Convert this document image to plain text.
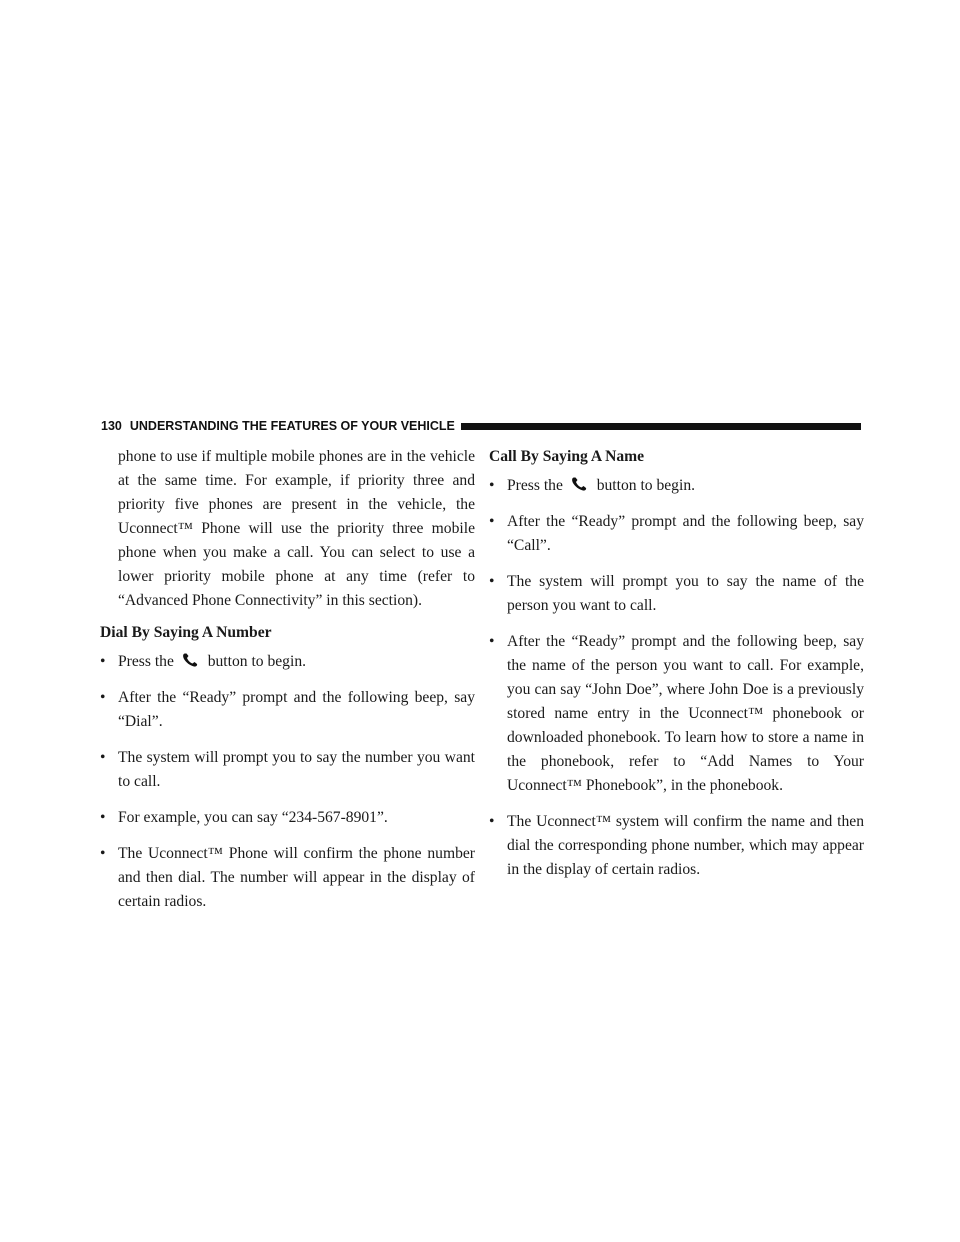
130 UNDERSTANDING THE FEATURES OF YOUR VEHICLE

phone to use if multiple mobile phones are in the vehicle at the same time. For example, if priority three and priority five phones are present in the vehicle, the Uconnect™ Phone will use the priority three mobile phone when you make a call. You can select to use a lower priority mobile phone at any time (refer to “Advanced Phone Connectivity” in this section).

Dial By Saying A Number
• Press the button to begin.
• After the “Ready” prompt and the following beep, say “Dial”.
• The system will prompt you to say the number you want to call.
• For example, you can say “234-567-8901”.
• The Uconnect™ Phone will confirm the phone number and then dial. The number will appear in the display of certain radios.
Call By Saying A Name
• Press the button to begin.
• After the “Ready” prompt and the following beep, say “Call”.
• The system will prompt you to say the name of the person you want to call.
• After the “Ready” prompt and the following beep, say the name of the person you want to call. For example, you can say “John Doe”, where John Doe is a previously stored name entry in the Uconnect™ phonebook or downloaded phonebook. To learn how to store a name in the phonebook, refer to “Add Names to Your Uconnect™ Phonebook”, in the phonebook.
• The Uconnect™ system will confirm the name and then dial the corresponding phone number, which may appear in the display of certain radios.
